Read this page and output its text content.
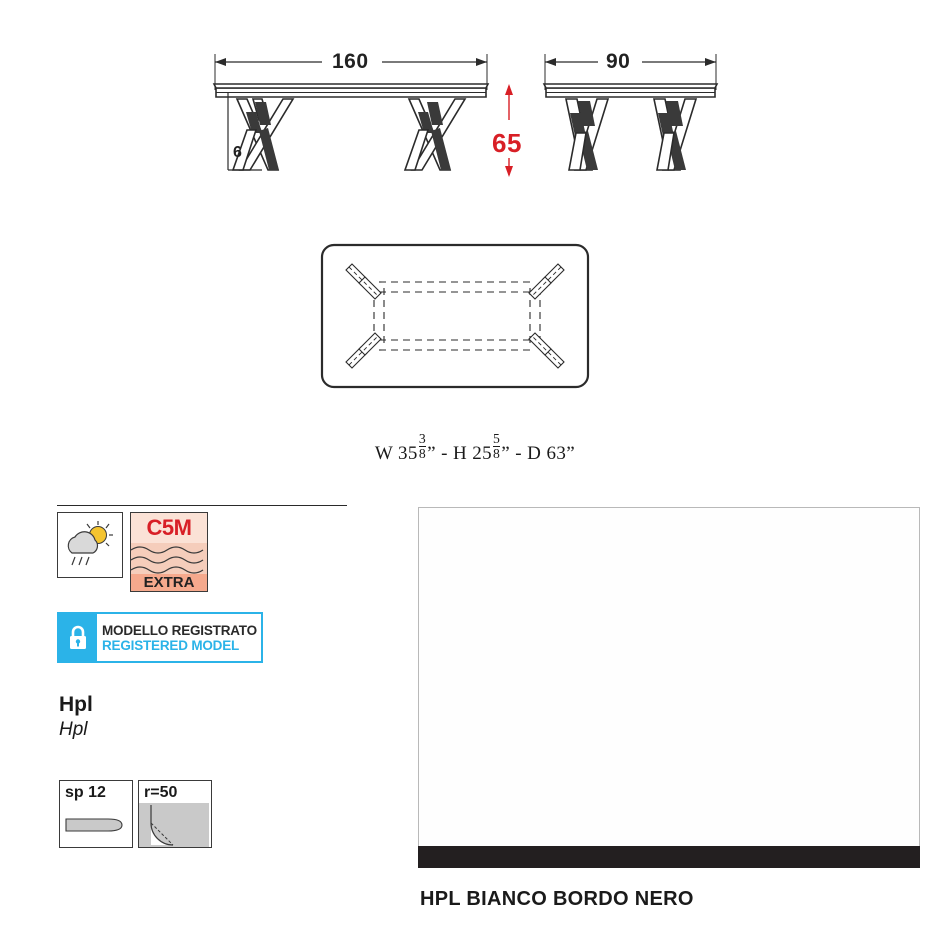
160	90
6	65
W $35 \frac{3}{8}$ ” - H $25 \frac{5}{8}$ ” - D 63”
C5M
EXTRA
MODELLO REGISTRATO
REGISTERED MODEL
Hpl
Hpl
sp 12 r=50
HPL BIANCO BORDO NERO
